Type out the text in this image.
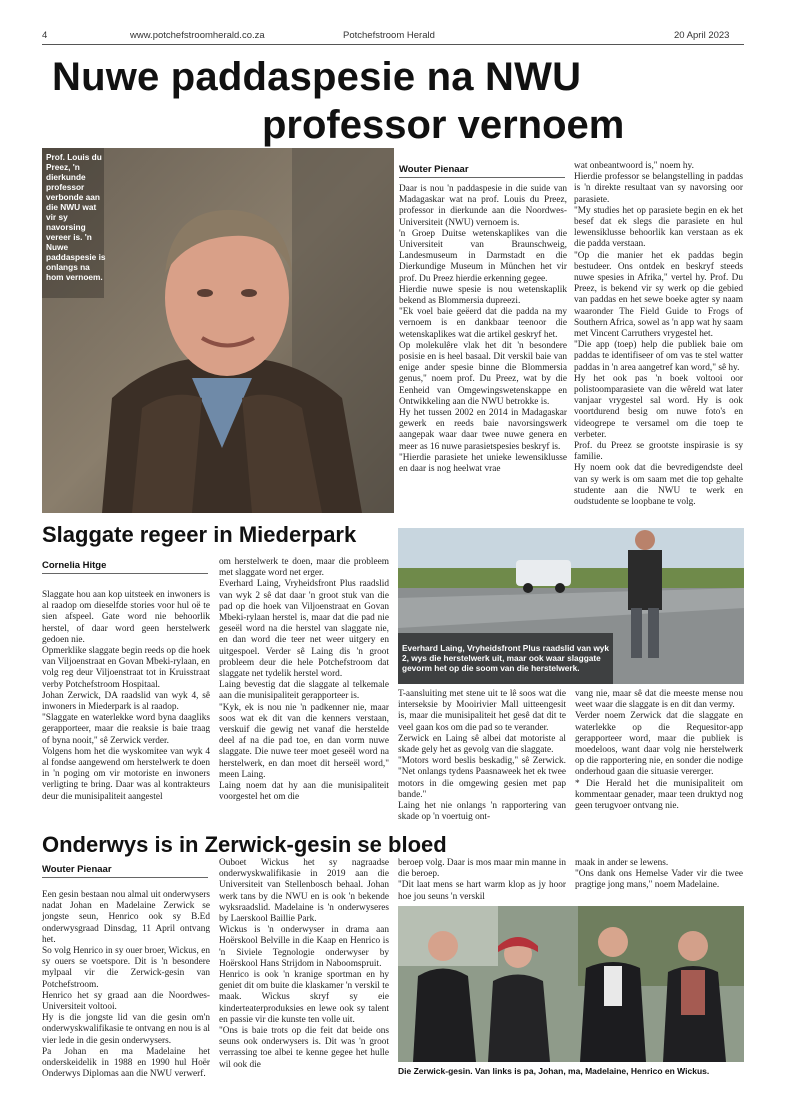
4	www.potchefstroomherald.co.za	Potchefstroom Herald	20 April 2023
Nuwe paddaspesie na NWU
professor vernoem
Prof. Louis du Preez, 'n dierkunde professor verbonde aan die NWU wat vir sy navorsing vereer is. 'n Nuwe paddaspesie is onlangs na hom vernoem.
Wouter Pienaar
Daar is nou 'n paddaspesie in die suide van Madagaskar wat na prof. Louis du Preez, professor in dierkunde aan die Noordwes-Universiteit (NWU) vernoem is.
'n Groep Duitse wetenskaplikes van die Universiteit van Braunschweig, Landesmuseum in Darmstadt en die Dierkundige Museum in München het vir prof. Du Preez hierdie erkenning gegee.
Hierdie nuwe spesie is nou wetenskaplik bekend as Blommersia dupreezi.
"Ek voel baie geëerd dat die padda na my vernoem is en dankbaar teenoor die wetenskaplikes wat die artikel geskryf het.
Op molekulêre vlak het dit 'n besondere posisie en is heel basaal. Dit verskil baie van enige ander spesie binne die Blommersia genus," noem prof. Du Preez, wat by die Eenheid van Omgewingswetenskappe en Ontwikkeling aan die NWU betrokke is.
Hy het tussen 2002 en 2014 in Madagaskar gewerk en reeds baie navorsingswerk aangepak waar daar twee nuwe genera en meer as 16 nuwe parasietspesies beskryf is.
"Hierdie parasiete het unieke lewensiklusse en daar is nog heelwat vrae
wat onbeantwoord is," noem hy.
Hierdie professor se belangstelling in paddas is 'n direkte resultaat van sy navorsing oor parasiete.
"My studies het op parasiete begin en ek het besef dat ek slegs die parasiete en hul lewensiklusse behoorlik kan verstaan as ek die padda verstaan.
"Op die manier het ek paddas begin bestudeer. Ons ontdek en beskryf steeds nuwe spesies in Afrika," vertel hy. Prof. Du Preez, is bekend vir sy werk op die gebied van paddas en het sewe boeke agter sy naam waaronder The Field Guide to Frogs of Southern Africa, sowel as 'n app wat hy saam met Vincent Carruthers vrygestel het.
"Die app (toep) help die publiek baie om paddas te identifiseer of om vas te stel watter paddas in 'n area aangetref kan word," sê hy.
Hy het ook pas 'n boek voltooi oor polistoomparasiete van die wêreld wat later vanjaar vrygestel sal word. Hy is ook voortdurend besig om nuwe foto's en videogrepe te versamel om die toep te verbeter.
Prof. du Preez se grootste inspirasie is sy familie.
Hy noem ook dat die bevredigendste deel van sy werk is om saam met die top gehalte studente aan die NWU te werk en oudstudente se loopbane te volg.
Slaggate regeer in Miederpark
Cornelia Hitge
Everhard Laing, Vryheidsfront Plus raadslid van wyk 2, wys die herstelwerk uit, maar ook waar slaggate gevorm het op die soom van die herstelwerk.
Slaggate hou aan kop uitsteek en inwoners is al raadop om dieselfde stories voor hul oë te sien afspeel. Gate word nie behoorlik herstel, of daar word geen herstelwerk gedoen nie.
Opmerklike slaggate begin reeds op die hoek van Viljoenstraat en Govan Mbeki-rylaan, en volg reg deur Viljoenstraat tot in Kruisstraat verby Potchefstroom Hospitaal.
Johan Zerwick, DA raadslid van wyk 4, sê inwoners in Miederpark is al raadop.
"Slaggate en waterlekke word byna daagliks gerapporteer, maar die reaksie is baie traag of byna nooit," sê Zerwick verder.
Volgens hom het die wyskomitee van wyk 4 al fondse aangewend om herstelwerk te doen in 'n poging om vir motoriste en inwoners verligting te bring. Daar was al kontrakteurs deur die munisipaliteit aangestel
om herstelwerk te doen, maar die probleem met slaggate word net erger.
Everhard Laing, Vryheidsfront Plus raadslid van wyk 2 sê dat daar 'n groot stuk van die pad op die hoek van Viljoenstraat en Govan Mbeki-rylaan herstel is, maar dat die pad nie geseël word na die herstel van slaggate nie, en dan word die teer net weer uitgery en uitgespoel. Verder sê Laing dis 'n groot probleem deur die hele Potchefstroom dat slaggate net tydelik herstel word.
Laing bevestig dat die slaggate al telkemale aan die munisipaliteit gerapporteer is.
"Kyk, ek is nou nie 'n padkenner nie, maar soos wat ek dit van die kenners verstaan, verskuif die gewig net vanaf die herstelde deel af na die pad toe, en dan vorm nuwe slaggate. Die nuwe teer moet geseël word na herstelwerk, en dan moet dit herseël word," meen Laing.
Laing noem dat hy aan die munisipaliteit voorgestel het om die
T-aansluiting met stene uit te lê soos wat die interseksie by Mooirivier Mall uitteengesit is, maar die munisipaliteit het gesê dat dit te veel gaan kos om die pad so te verander.
Zerwick en Laing sê albei dat motoriste al skade gely het as gevolg van die slaggate.
"Motors word beslis beskadig," sê Zerwick. "Net onlangs tydens Paasnaweek het ek twee motors in die omgewing gesien met pap bande."
Laing het nie onlangs 'n rapportering van skade op 'n voertuig ont-
vang nie, maar sê dat die meeste mense nou weet waar die slaggate is en dit dan vermy.
Verder noem Zerwick dat die slaggate en waterlekke op die Requesitor-app gerapporteer word, maar die publiek is moedeloos, want daar volg nie herstelwerk op die rapportering nie, en sonder die nodige onderhoud gaan die situasie vererger.
* Die Herald het die munisipaliteit om kommentaar genader, maar teen druktyd nog geen terugvoer ontvang nie.
Onderwys is in Zerwick-gesin se bloed
Wouter Pienaar
Een gesin bestaan nou almal uit onderwysers nadat Johan en Madelaine Zerwick se jongste seun, Henrico ook sy B.Ed onderwysgraad Dinsdag, 11 April ontvang het.
So volg Henrico in sy ouer broer, Wickus, en sy ouers se voetspore. Dit is 'n besondere mylpaal vir die Zerwick-gesin van Potchefstroom.
Henrico het sy graad aan die Noordwes-Universiteit voltooi.
Hy is die jongste lid van die gesin om'n onderwyskwalifikasie te ontvang en nou is al vier lede in die gesin onderwysers.
Pa Johan en ma Madelaine het onderskeidelik in 1988 en 1990 hul Hoër Onderwys Diplomas aan die NWU verwerf.
Ouboet Wickus het sy nagraadse onderwyskwalifikasie in 2019 aan die Universiteit van Stellenbosch behaal. Johan werk tans by die NWU en is ook 'n bekende wyksraadslid. Madelaine is 'n onderwyseres by Laerskool Baillie Park.
Wickus is 'n onderwyser in drama aan Hoërskool Belville in die Kaap en Henrico is 'n Siviele Tegnologie onderwyser by Hoërskool Hans Strijdom in Naboomspruit.
Henrico is ook 'n kranige sportman en hy geniet dit om buite die klaskamer 'n verskil te maak. Wickus skryf sy eie kinderteaterproduksies en lewe ook sy talent en passie vir die kunste ten volle uit.
"Ons is baie trots op die feit dat beide ons seuns ook onderwysers is. Dit was 'n groot verrassing toe albei te kenne gegee het hulle wil ook die
beroep volg. Daar is mos maar min manne in die beroep.
"Dit laat mens se hart warm klop as jy hoor hoe jou seuns 'n verskil
maak in ander se lewens.
"Ons dank ons Hemelse Vader vir die twee pragtige jong mans," noem Madelaine.
Die Zerwick-gesin. Van links is pa, Johan, ma, Madelaine, Henrico en Wickus.
